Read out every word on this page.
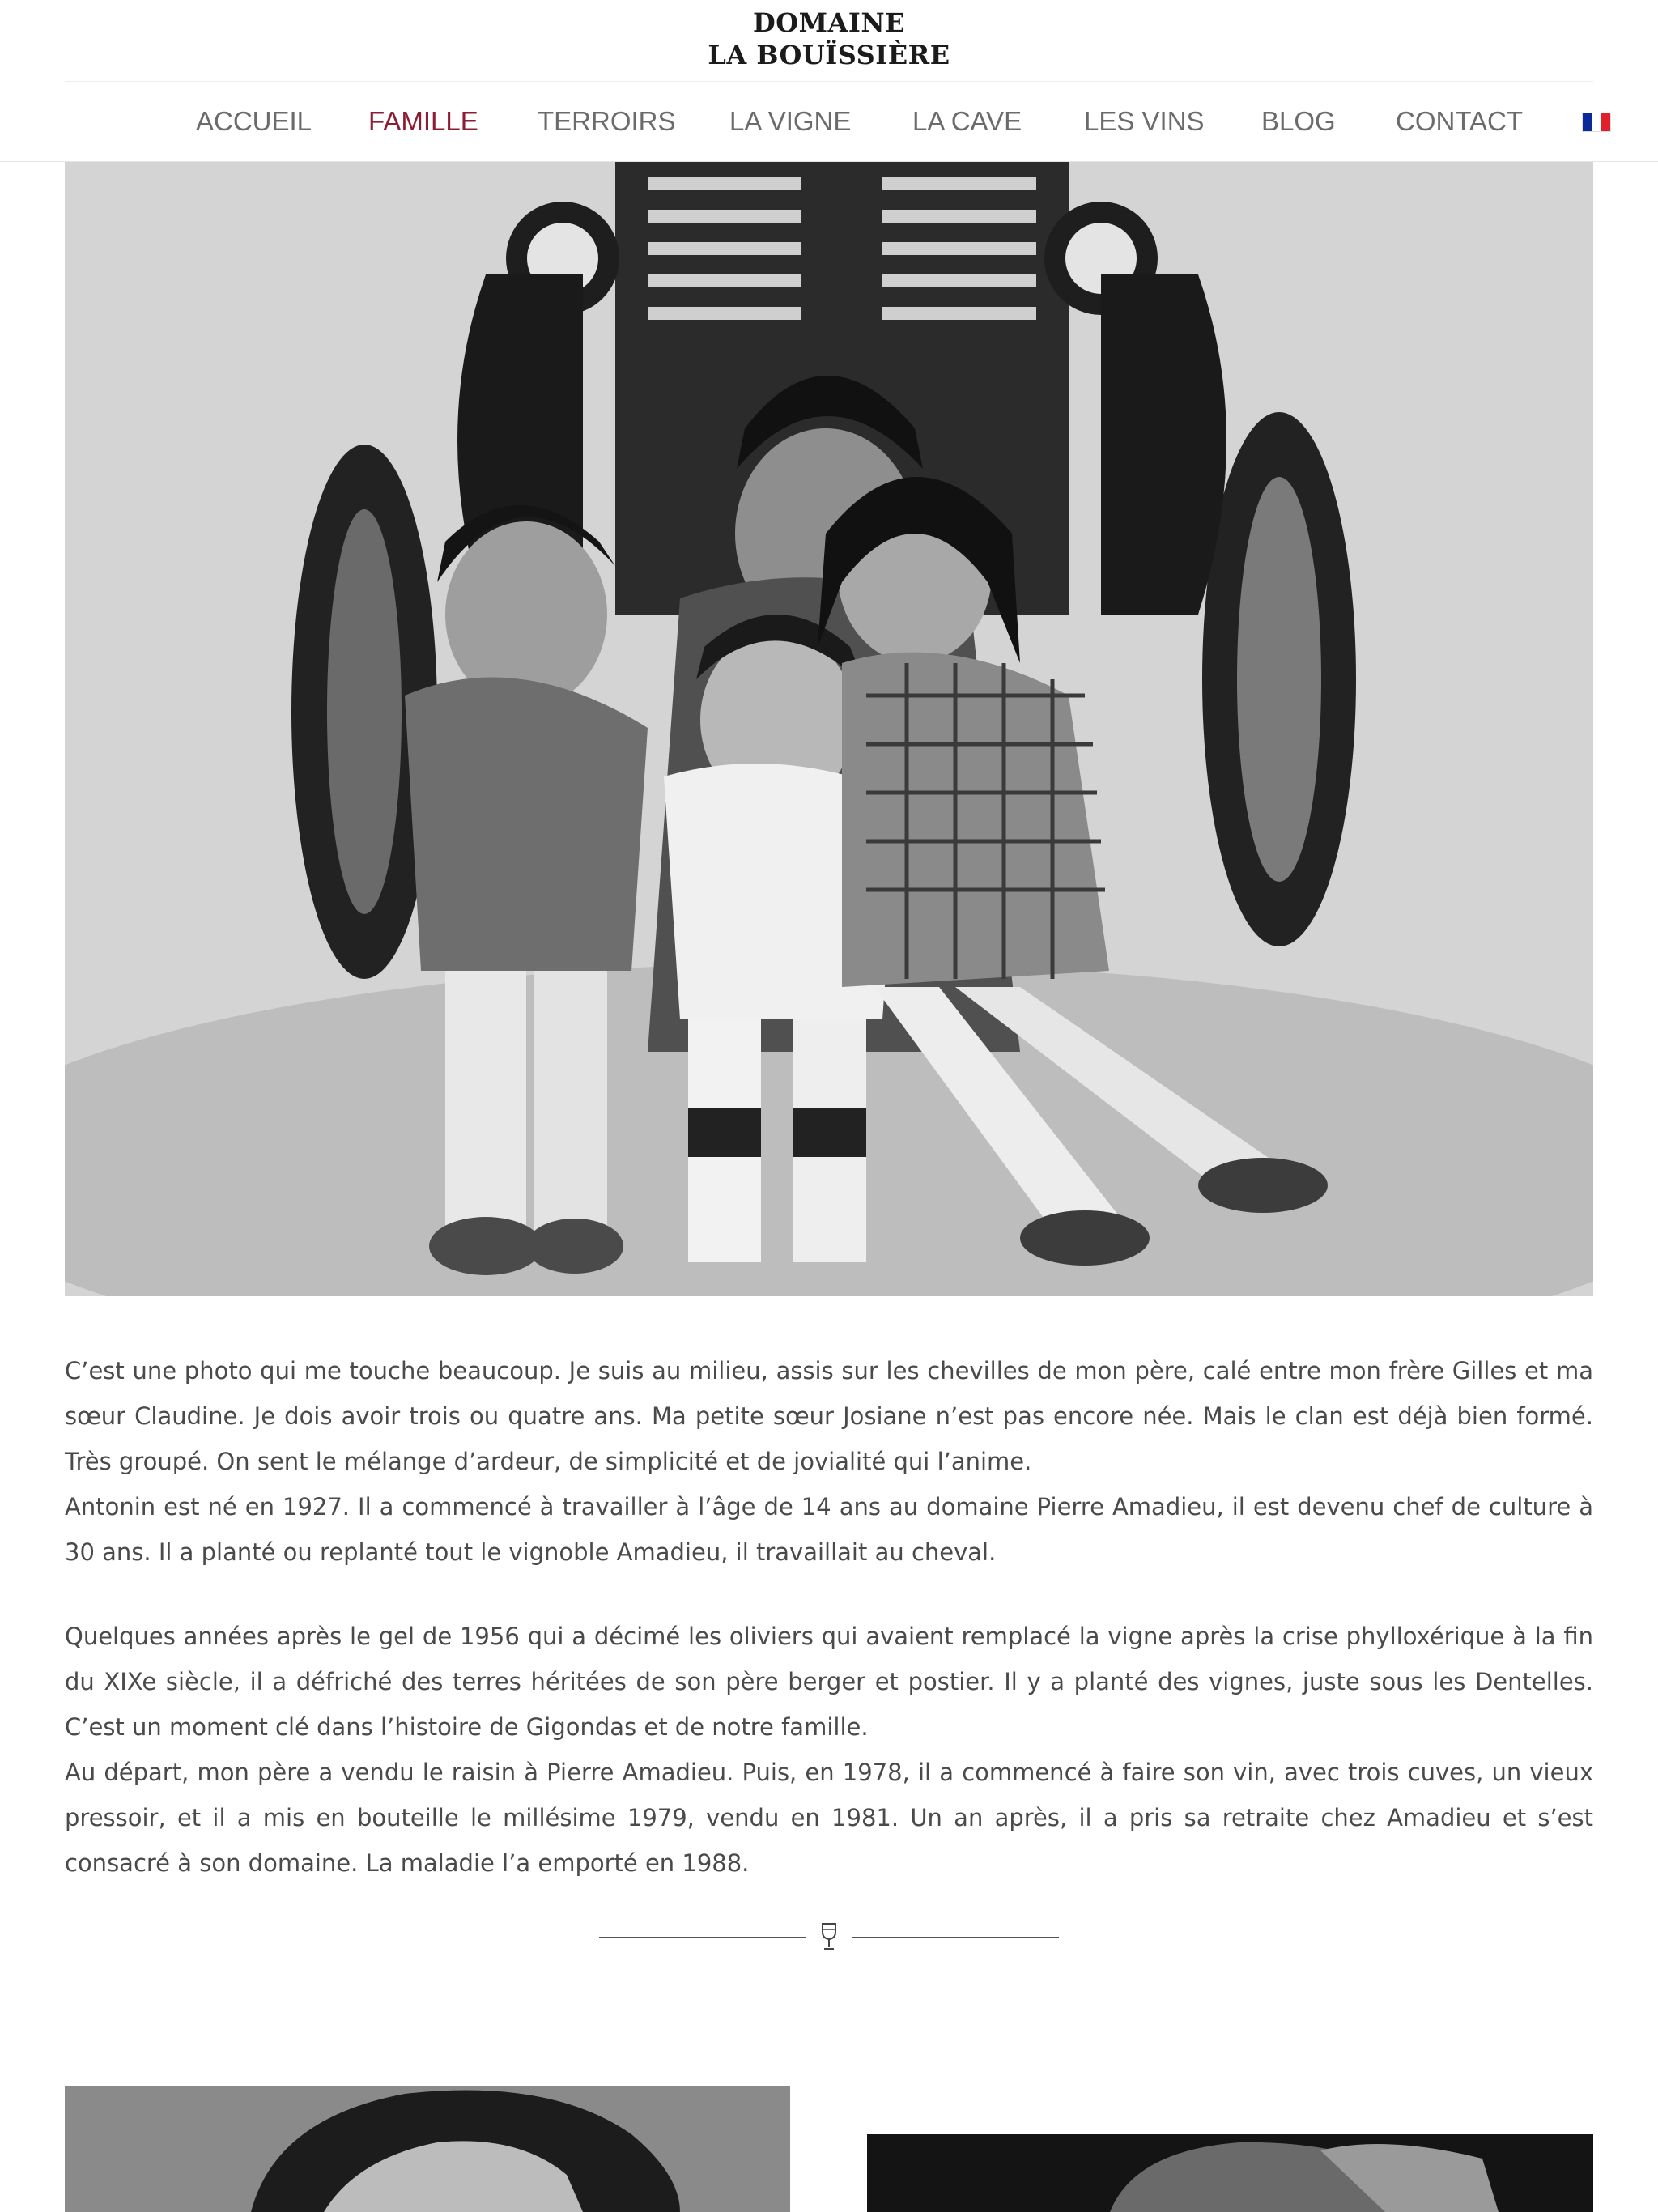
DOMAINE
LA BOUÏSSIÈRE
ACCUEIL FAMILLE TERROIRS LA VIGNE LA CAVE LES VINS BLOG CONTACT

C’est une photo qui me touche beaucoup. Je suis au milieu, assis sur les chevilles de mon père, calé entre mon frère Gilles et ma sœur Claudine. Je dois avoir trois ou quatre ans. Ma petite sœur Josiane n’est pas encore née. Mais le clan est déjà bien formé. Très groupé. On sent le mélange d’ardeur, de simplicité et de jovialité qui l’anime.

Antonin est né en 1927. Il a commencé à travailler à l’âge de 14 ans au domaine Pierre Amadieu, il est devenu chef de culture à 30 ans. Il a planté ou replanté tout le vignoble Amadieu, il travaillait au cheval.

Quelques années après le gel de 1956 qui a décimé les oliviers qui avaient remplacé la vigne après la crise phylloxérique à la fin du XIXe siècle, il a défriché des terres héritées de son père berger et postier. Il y a planté des vignes, juste sous les Dentelles. C’est un moment clé dans l’histoire de Gigondas et de notre famille.

Au départ, mon père a vendu le raisin à Pierre Amadieu. Puis, en 1978, il a commencé à faire son vin, avec trois cuves, un vieux pressoir, et il a mis en bouteille le millésime 1979, vendu en 1981. Un an après, il a pris sa retraite chez Amadieu et s’est consacré à son domaine. La maladie l’a emporté en 1988.
